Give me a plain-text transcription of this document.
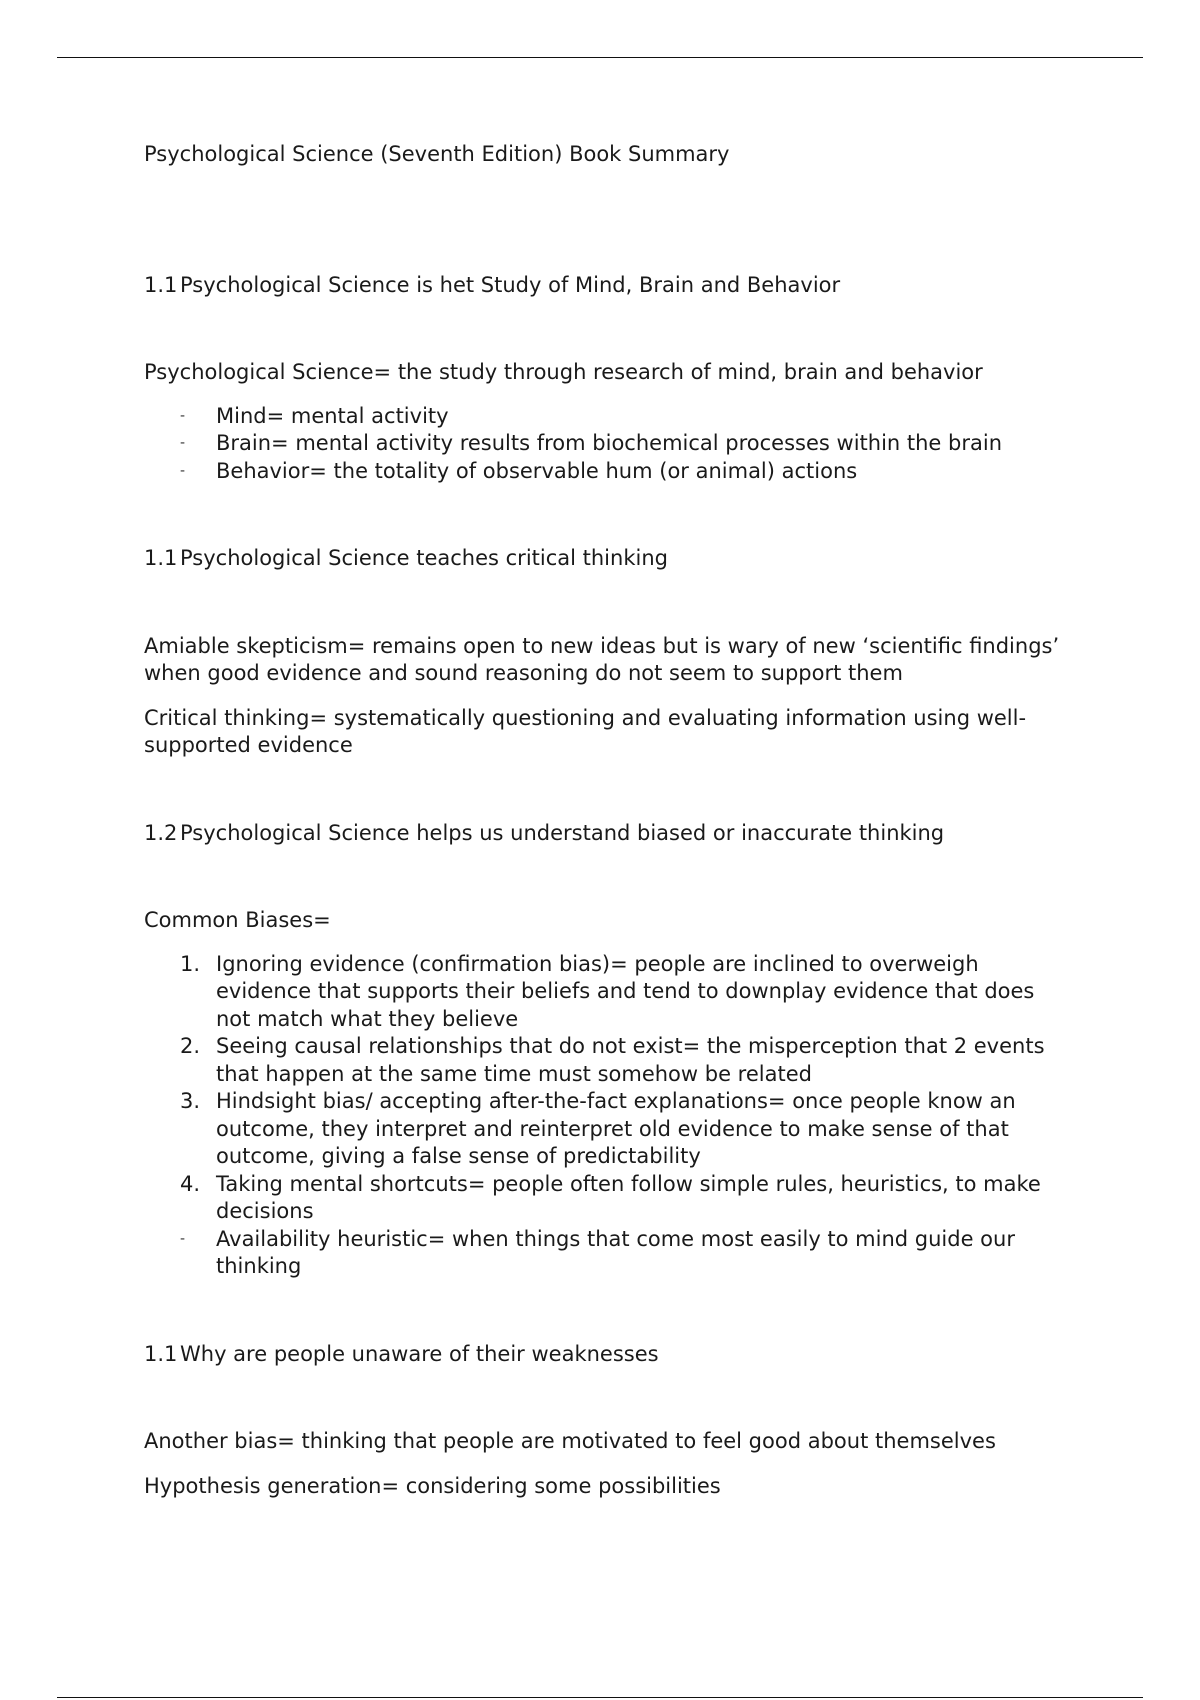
Psychological Science (Seventh Edition) Book Summary

1.1 Psychological Science is het Study of Mind, Brain and Behavior

Psychological Science= the study through research of mind, brain and behavior

-	Mind= mental activity
-	Brain= mental activity results from biochemical processes within the brain
-	Behavior= the totality of observable hum (or animal) actions
1.1 Psychological Science teaches critical thinking

Amiable skepticism= remains open to new ideas but is wary of new ‘scientific findings’ when good evidence and sound reasoning do not seem to support them

Critical thinking= systematically questioning and evaluating information using well-supported evidence

1.2 Psychological Science helps us understand biased or inaccurate thinking

Common Biases=

1. Ignoring evidence (confirmation bias)= people are inclined to overweigh evidence that supports their beliefs and tend to downplay evidence that does not match what they believe
2. Seeing causal relationships that do not exist= the misperception that 2 events that happen at the same time must somehow be related
3. Hindsight bias/ accepting after-the-fact explanations= once people know an outcome, they interpret and reinterpret old evidence to make sense of that outcome, giving a false sense of predictability
4. Taking mental shortcuts= people often follow simple rules, heuristics, to make decisions
-	Availability heuristic= when things that come most easily to mind guide our thinking
1.1 Why are people unaware of their weaknesses

Another bias= thinking that people are motivated to feel good about themselves

Hypothesis generation= considering some possibilities
